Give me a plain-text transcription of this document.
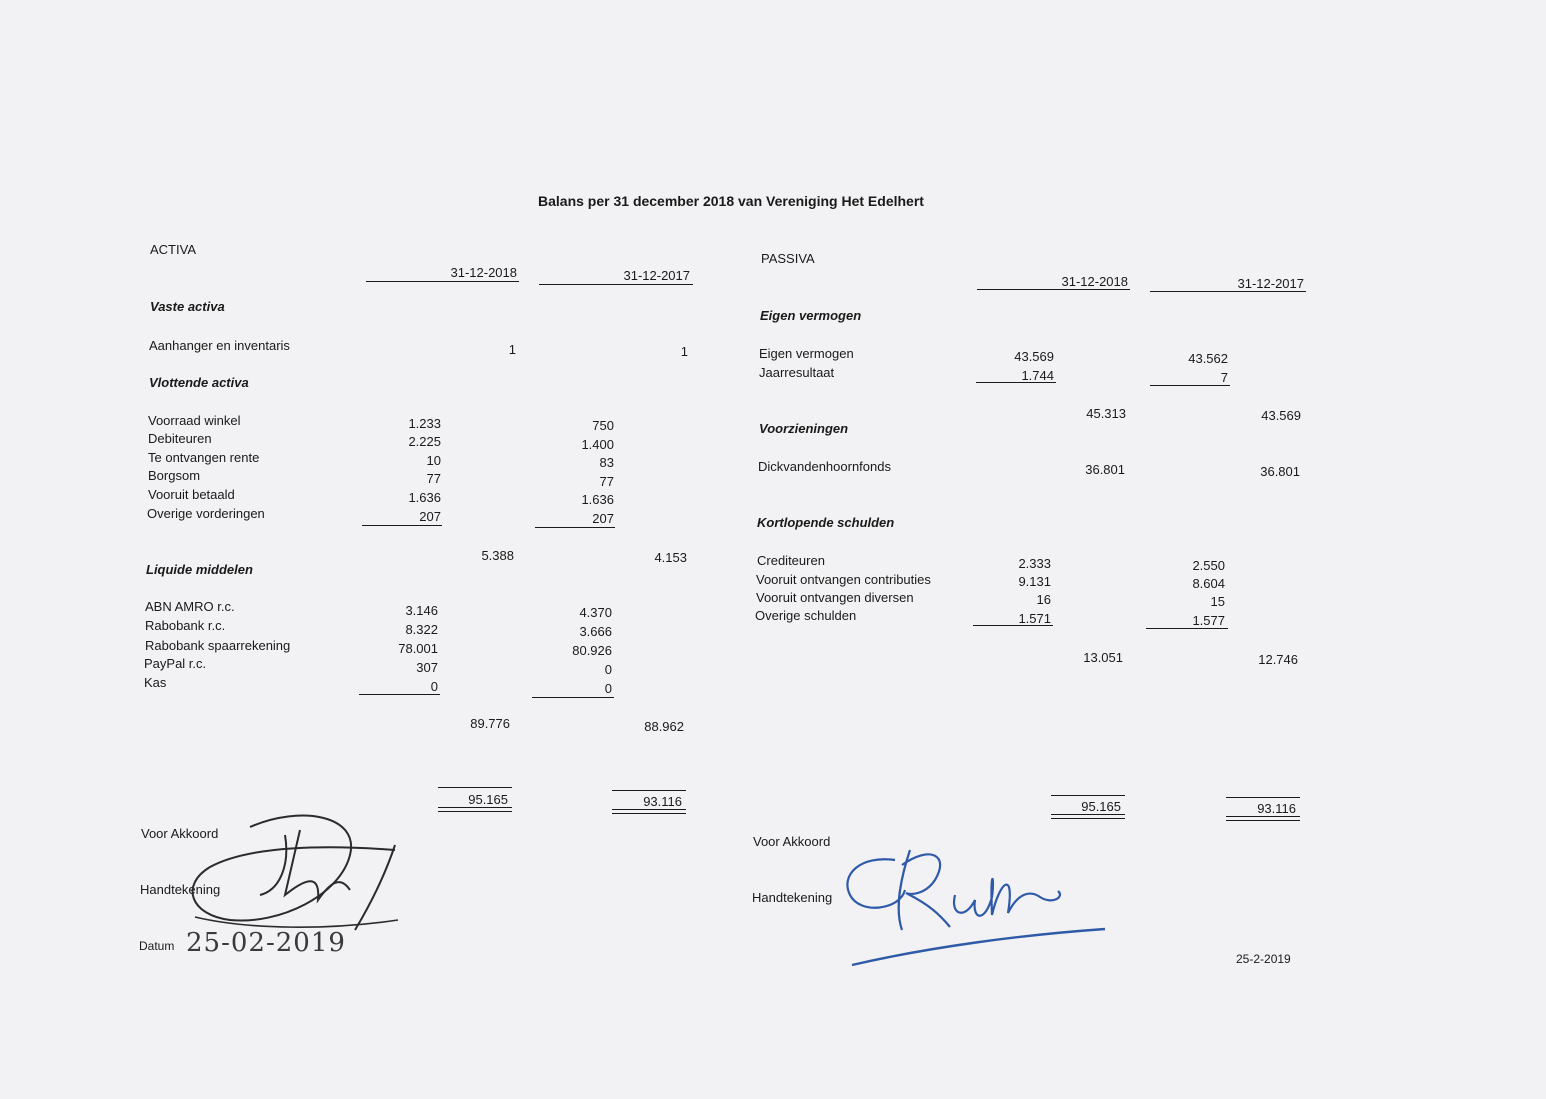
Balans per 31 december 2018 van Vereniging Het Edelhert
ACTIVA
31-12-2018	31-12-2017
Vaste activa
Aanhanger en inventaris	1	1
Vlottende activa
Voorraad winkel	1.233	750
Debiteuren	2.225	1.400
Te ontvangen rente	10	83
Borgsom	77	77
Vooruit betaald	1.636	1.636
Overige vorderingen	207	207
5.388	4.153
Liquide middelen
ABN AMRO r.c.	3.146	4.370
Rabobank r.c.	8.322	3.666
Rabobank spaarrekening	78.001	80.926
PayPal r.c.	307	0
Kas	0	0
89.776	88.962
95.165	93.116
Voor Akkoord
Handtekening
Datum 25-02-2019
PASSIVA
31-12-2018	31-12-2017
Eigen vermogen
Eigen vermogen	43.569	43.562
Jaarresultaat	1.744	7
45.313	43.569
Voorzieningen
Dickvandenhoornfonds	36.801	36.801
Kortlopende schulden
Crediteuren	2.333	2.550
Vooruit ontvangen contributies	9.131	8.604
Vooruit ontvangen diversen	16	15
Overige schulden	1.571	1.577
13.051	12.746
95.165	93.116
Voor Akkoord
Handtekening
25-2-2019
